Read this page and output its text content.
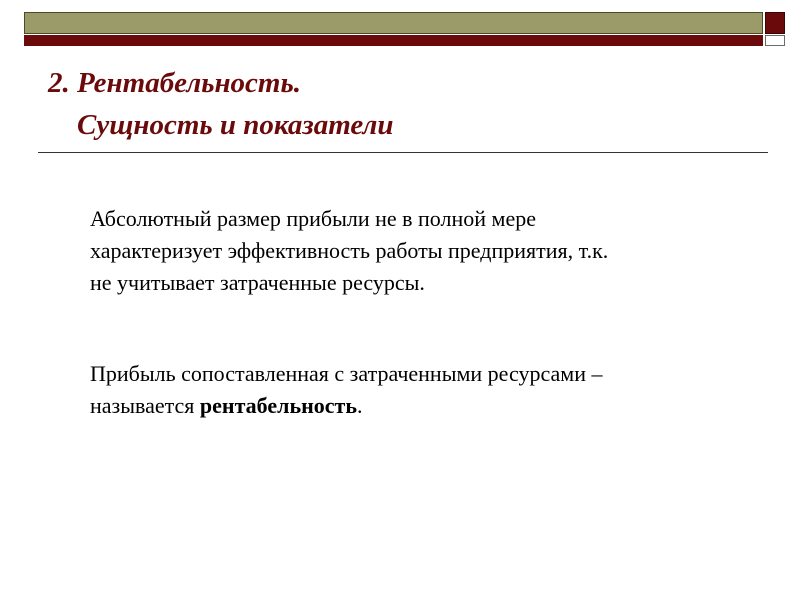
2. Рентабельность.
Сущность и показатели
Абсолютный размер прибыли не в полной мере
характеризует эффективность работы предприятия, т.к.
не учитывает затраченные ресурсы.
Прибыль сопоставленная с затраченными ресурсами –
называется рентабельность.
